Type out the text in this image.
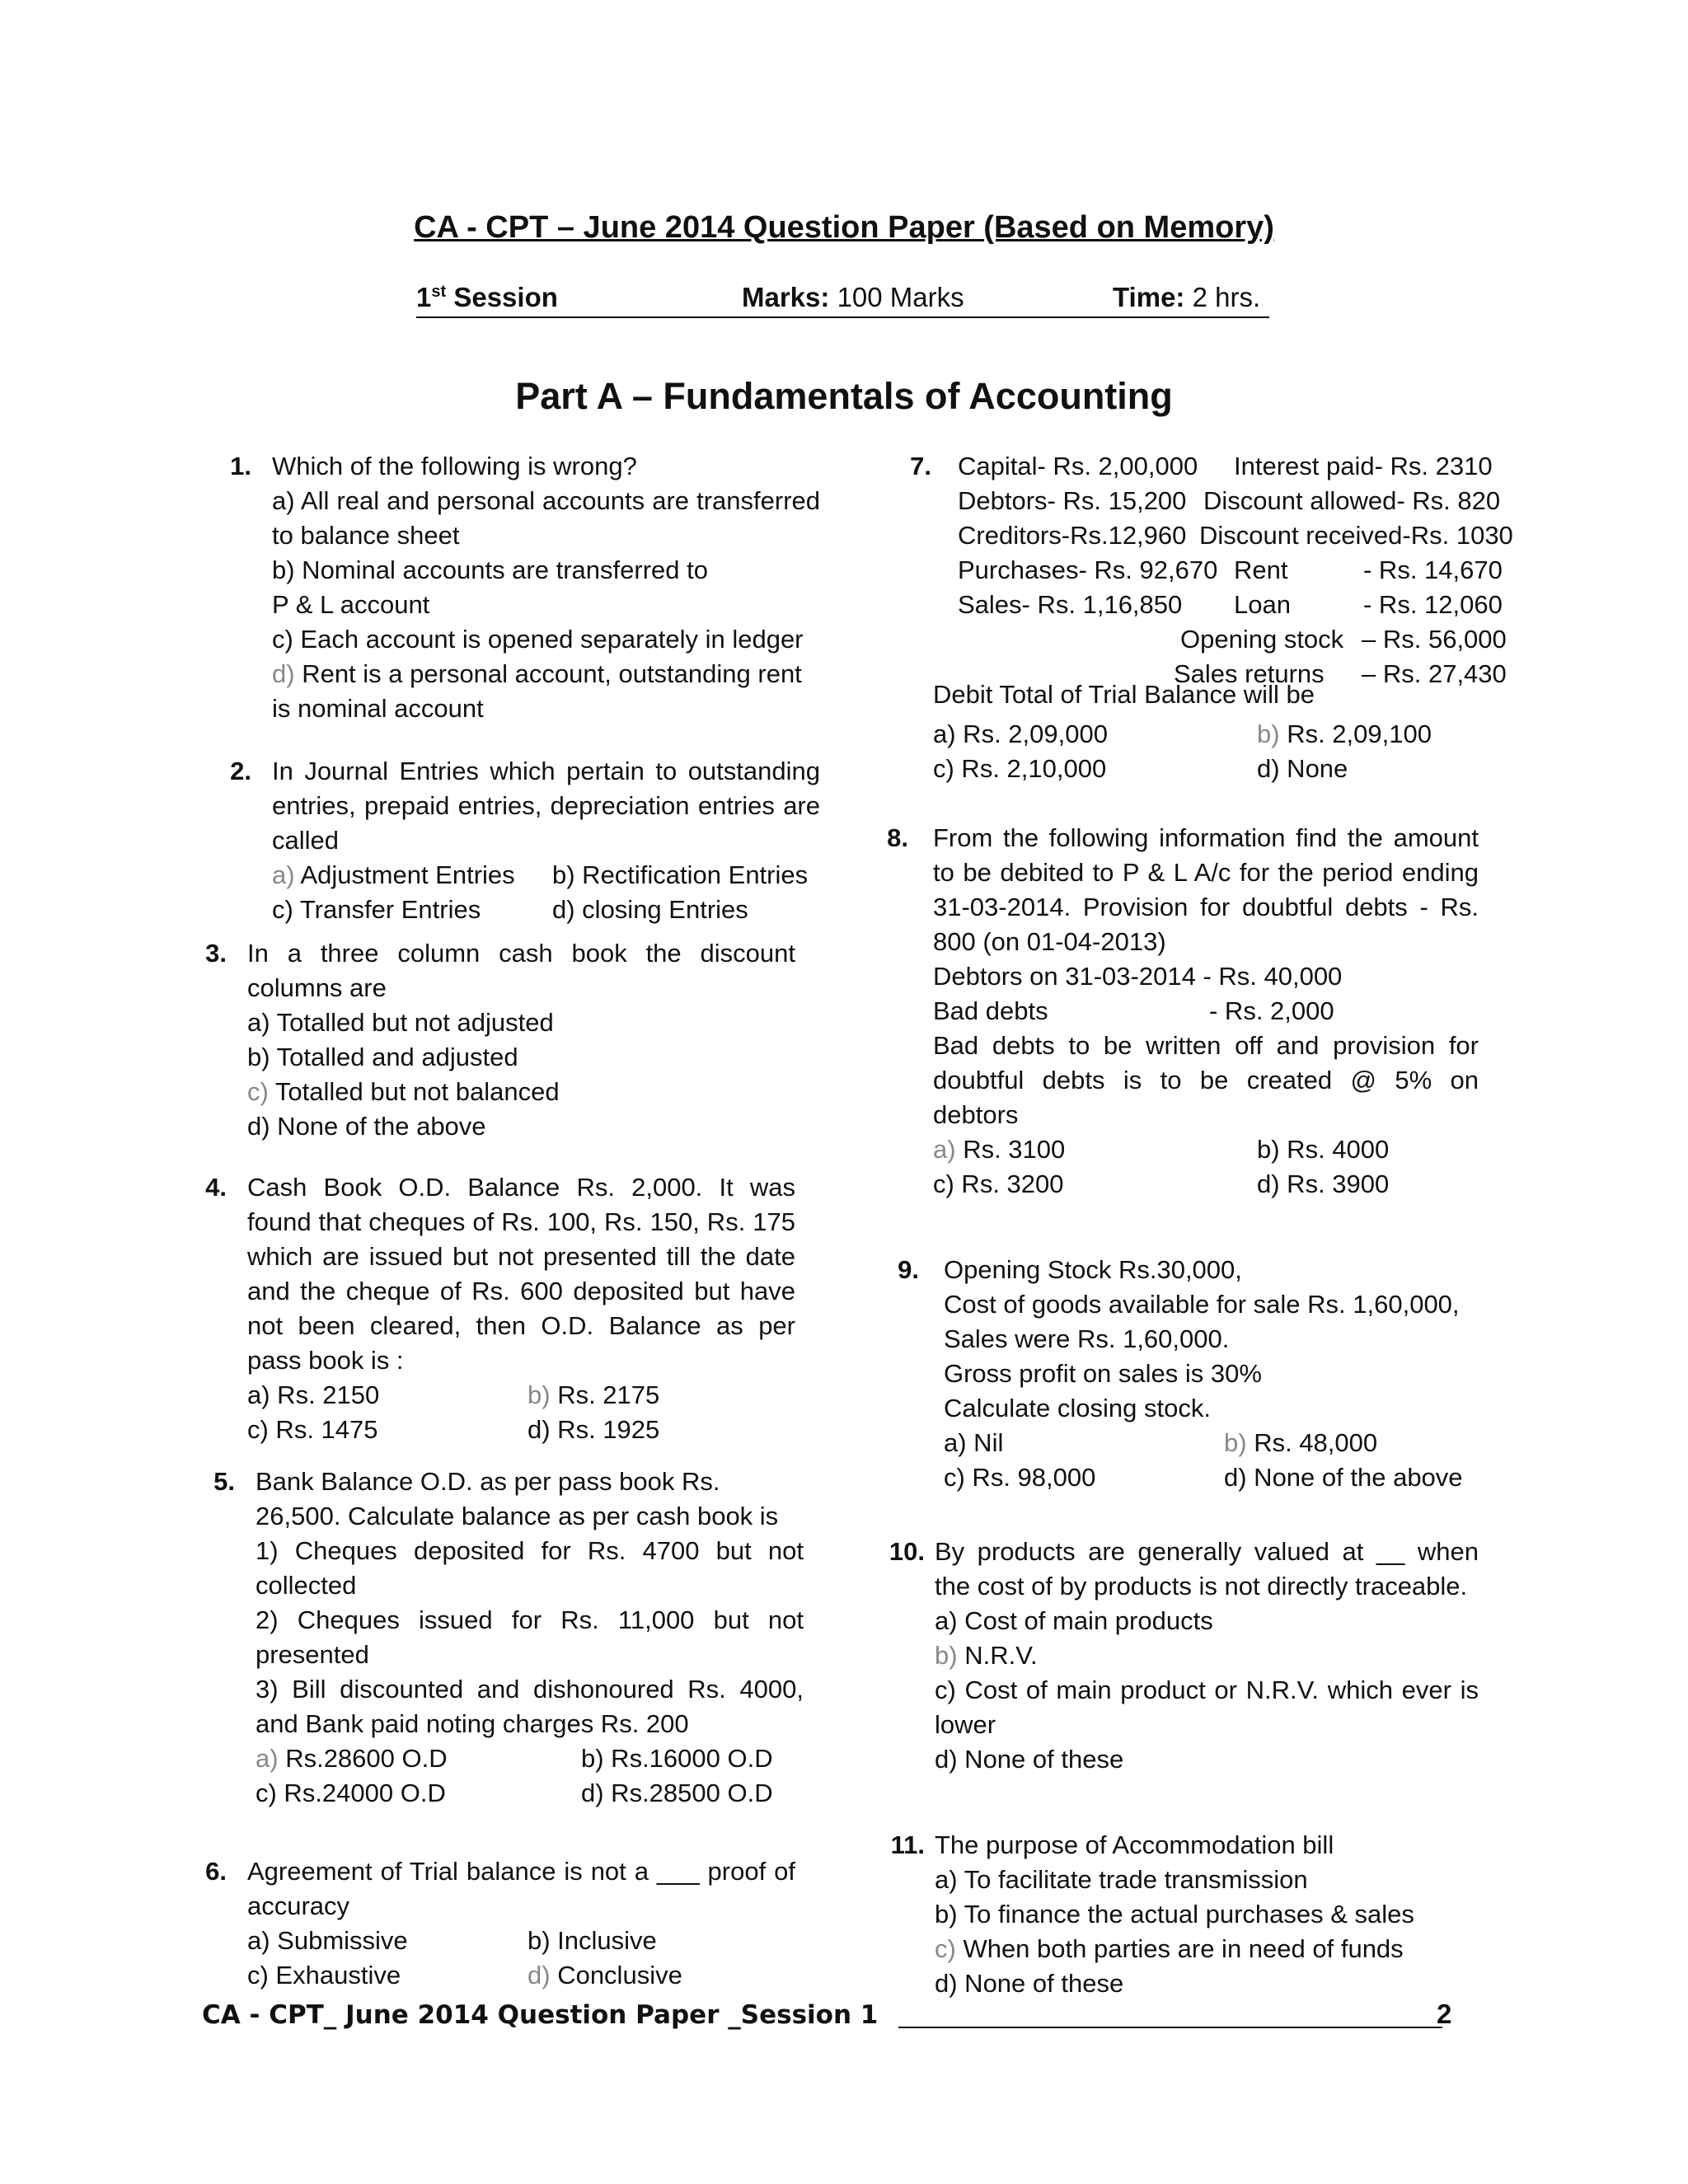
CA - CPT – June 2014 Question Paper (Based on Memory)
1st Session	Marks: 100 Marks	Time: 2 hrs.
Part A – Fundamentals of Accounting
1. Which of the following is wrong?
a) All real and personal accounts are transferred to balance sheet
b) Nominal accounts are transferred to
P & L account
c) Each account is opened separately in ledger
d) Rent is a personal account, outstanding rent is nominal account
2. In Journal Entries which pertain to outstanding entries, prepaid entries, depreciation entries are called
a) Adjustment Entries b) Rectification Entries
c) Transfer Entries	d) closing Entries
3. In a three column cash book the discount columns are
a) Totalled but not adjusted
b) Totalled and adjusted
c) Totalled but not balanced
d) None of the above
4. Cash Book O.D. Balance Rs. 2,000. It was found that cheques of Rs. 100, Rs. 150, Rs. 175 which are issued but not presented till the date and the cheque of Rs. 600 deposited but have not been cleared, then O.D. Balance as per pass book is :
a) Rs. 2150	b) Rs. 2175
c) Rs. 1475	d) Rs. 1925
5. Bank Balance O.D. as per pass book Rs. 26,500. Calculate balance as per cash book is
1) Cheques deposited for Rs. 4700 but not collected
2) Cheques issued for Rs. 11,000 but not presented
3) Bill discounted and dishonoured Rs. 4000, and Bank paid noting charges Rs. 200
a) Rs.28600 O.D	b) Rs.16000 O.D
c) Rs.24000 O.D	d) Rs.28500 O.D
6. Agreement of Trial balance is not a ___ proof of accuracy
a) Submissive	b) Inclusive
c) Exhaustive	d) Conclusive
7. Capital- Rs. 2,00,000 Interest paid- Rs. 2310
Debtors- Rs. 15,200 Discount allowed- Rs. 820
Creditors-Rs.12,960 Discount received-Rs. 1030
Purchases- Rs. 92,670 Rent	- Rs. 14,670
Sales- Rs. 1,16,850 Loan	- Rs. 12,060
Opening stock – Rs. 56,000
Sales returns – Rs. 27,430
Debit Total of Trial Balance will be
a) Rs. 2,09,000	b) Rs. 2,09,100
c) Rs. 2,10,000	d) None
8. From the following information find the amount to be debited to P & L A/c for the period ending 31-03-2014. Provision for doubtful debts - Rs. 800 (on 01-04-2013)
Debtors on 31-03-2014 - Rs. 40,000
Bad debts	- Rs. 2,000
Bad debts to be written off and provision for doubtful debts is to be created @ 5% on debtors
a) Rs. 3100	b) Rs. 4000
c) Rs. 3200	d) Rs. 3900
9. Opening Stock Rs.30,000,
Cost of goods available for sale Rs. 1,60,000,
Sales were Rs. 1,60,000.
Gross profit on sales is 30%
Calculate closing stock.
a) Nil	b) Rs. 48,000
c) Rs. 98,000	d) None of the above
10. By products are generally valued at __ when the cost of by products is not directly traceable.
a) Cost of main products
b) N.R.V.
c) Cost of main product or N.R.V. which ever is lower
d) None of these
11. The purpose of Accommodation bill
a) To facilitate trade transmission
b) To finance the actual purchases & sales
c) When both parties are in need of funds
d) None of these
CA - CPT_ June 2014 Question Paper _Session 1	2
